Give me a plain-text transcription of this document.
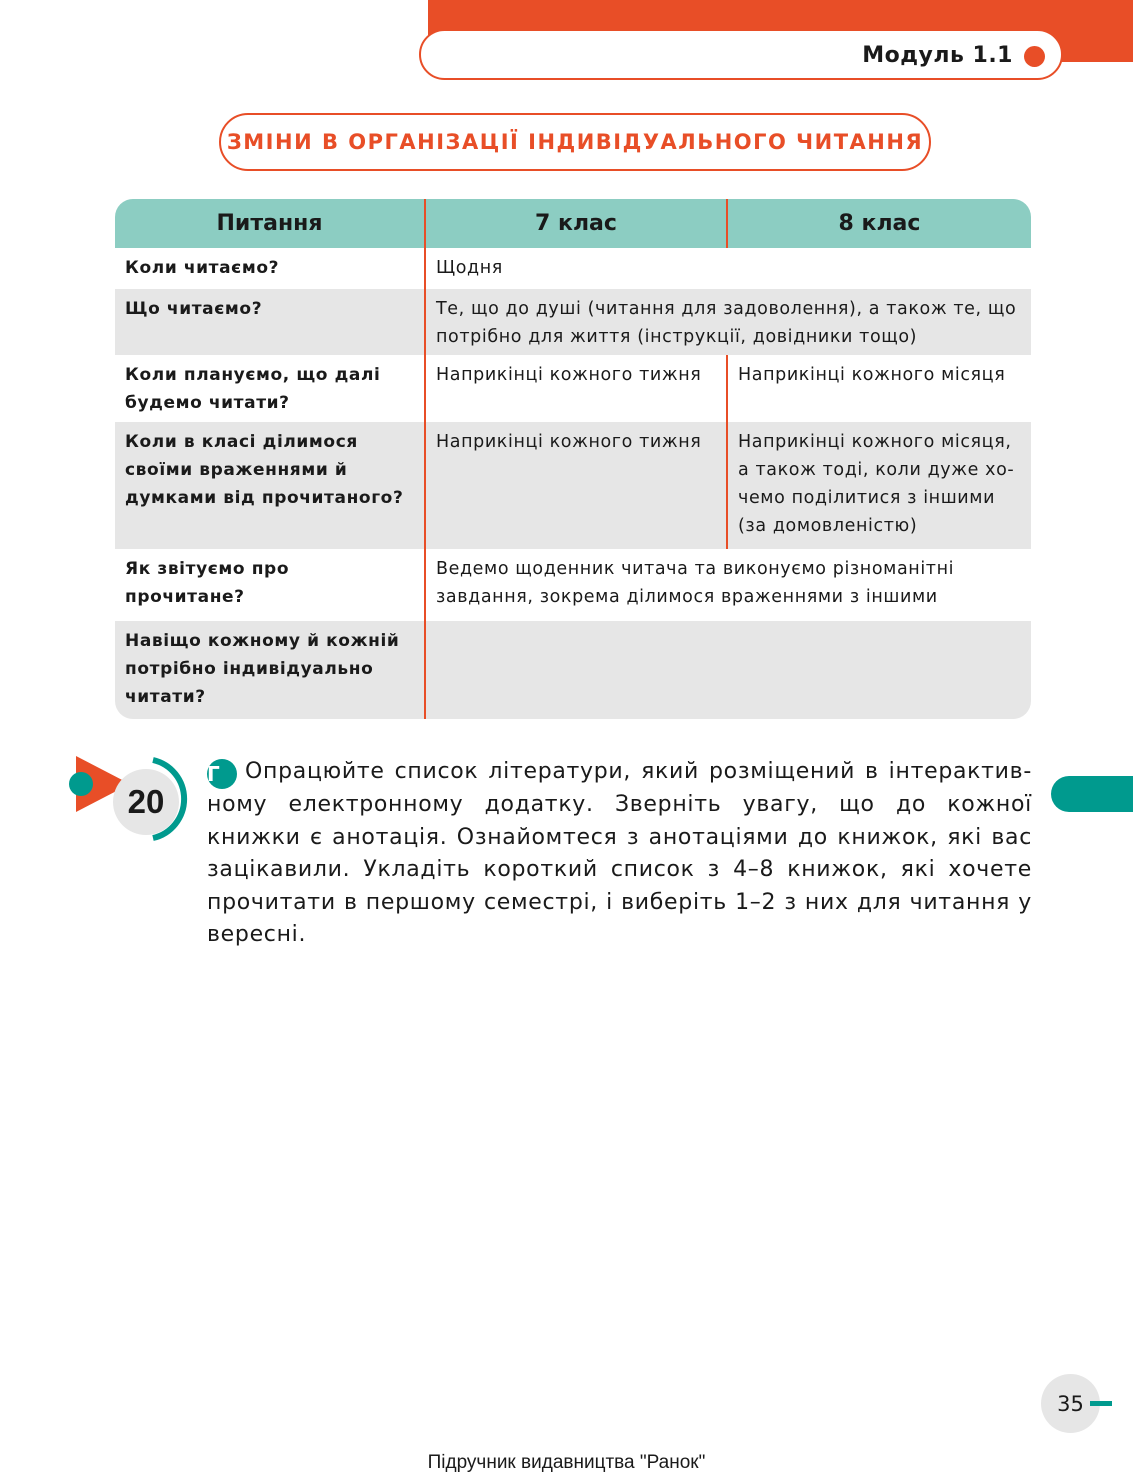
Модуль 1.1
ЗМІНИ В ОРГАНІЗАЦІЇ ІНДИВІДУАЛЬНОГО ЧИТАННЯ
Питання	7 клас	8 клас
Коли читаємо?	Щодня	
Що читаємо?	Те, що до душі (читання для задоволення), а також те, що потрібно для життя (інструкції, довідники тощо)	
Коли плануємо, що далі будемо читати?	Наприкінці кожного тижня	Наприкінці кожного місяця
Коли в класі ділимося своїми враженнями й думками від прочитаного?	Наприкінці кожного тижня	Наприкінці кожного місяця, а також тоді, коли дуже хо-чемо поділитися з іншими (за домовленістю)
Як звітуємо про прочитане?	Ведемо щоденник читача та виконуємо різноманітні завдання, зокрема ділимося враженнями з іншими	
Навіщо кожному й кожній потрібно індивідуально читати?		
20
Г Опрацюйте список літератури, який розміщений в інтерактив-ному електронному додатку. Зверніть увагу, що до кожної книжки є анотація. Ознайомтеся з анотаціями до книжок, які вас зацікавили. Укладіть короткий список з 4–8 книжок, які хочете прочитати в першому семестрі, і виберіть 1–2 з них для читання у вересні.
35
Підручник видавництва "Ранок"
